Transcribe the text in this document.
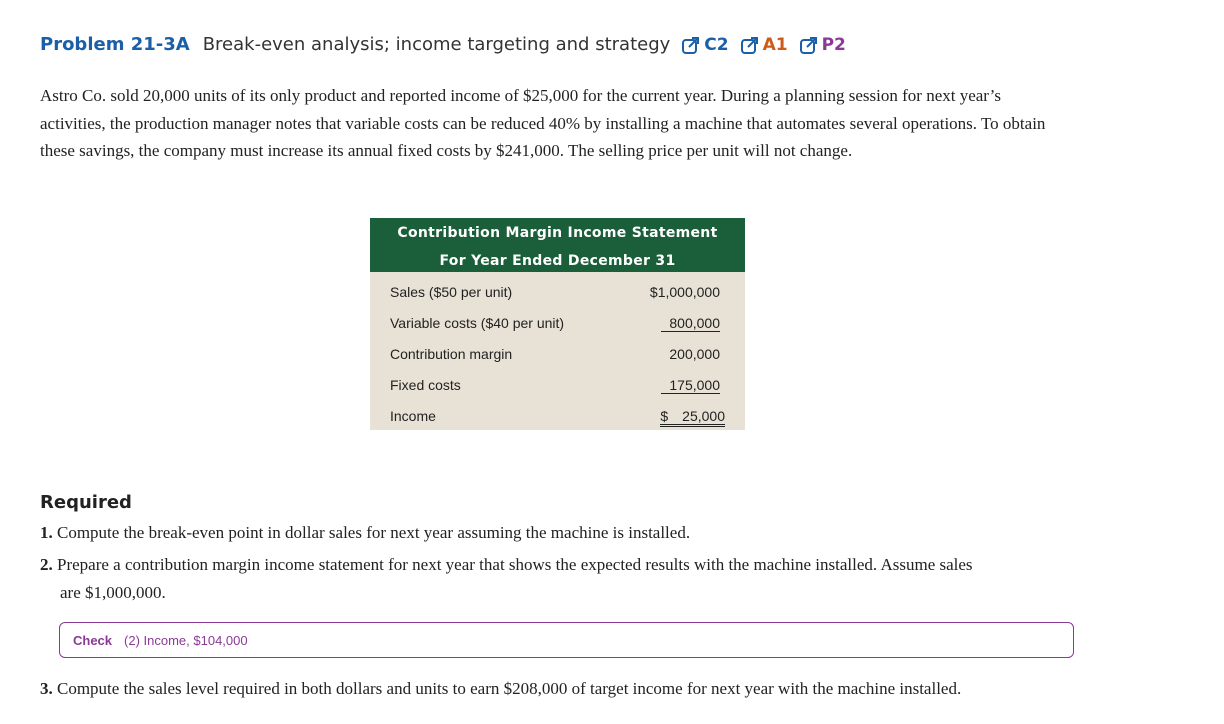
Problem 21-3A Break-even analysis; income targeting and strategy C2 A1 P2
Astro Co. sold 20,000 units of its only product and reported income of $25,000 for the current year. During a planning session for next year’s activities, the production manager notes that variable costs can be reduced 40% by installing a machine that automates several operations. To obtain these savings, the company must increase its annual fixed costs by $241,000. The selling price per unit will not change.
Contribution Margin Income Statement
For Year Ended December 31
Sales ($50 per unit)	$1,000,000
Variable costs ($40 per unit)	800,000
Contribution margin	200,000
Fixed costs	175,000
Income	$ 25,000
Required
1. Compute the break-even point in dollar sales for next year assuming the machine is installed.
2. Prepare a contribution margin income statement for next year that shows the expected results with the machine installed. Assume sales
are $1,000,000.
Check (2) Income, $104,000
3. Compute the sales level required in both dollars and units to earn $208,000 of target income for next year with the machine installed.
